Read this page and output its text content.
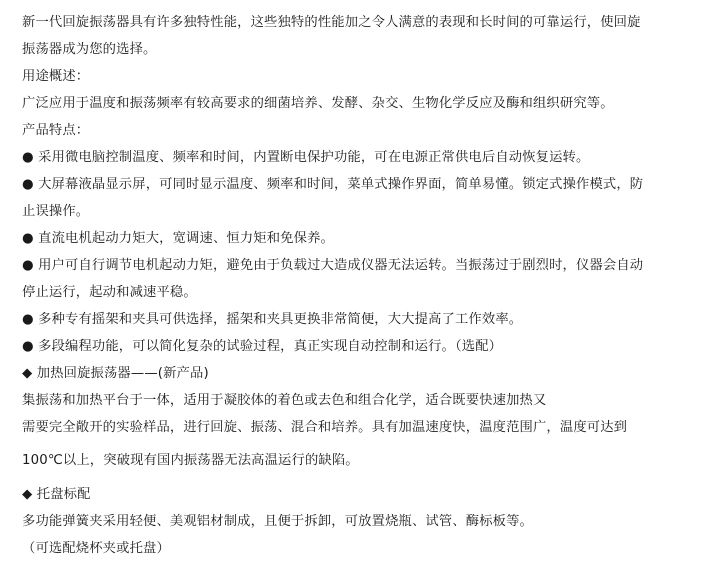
新一代回旋振荡器具有许多独特性能，这些独特的性能加之令人满意的表现和长时间的可靠运行，使回旋
振荡器成为您的选择。
用途概述：
广泛应用于温度和振荡频率有较高要求的细菌培养、发酵、杂交、生物化学反应及酶和组织研究等。
产品特点：
● 采用微电脑控制温度、频率和时间，内置断电保护功能，可在电源正常供电后自动恢复运转。
● 大屏幕液晶显示屏，可同时显示温度、频率和时间，菜单式操作界面，简单易懂。锁定式操作模式，防
止误操作。
● 直流电机起动力矩大，宽调速、恒力矩和免保养。
● 用户可自行调节电机起动力矩，避免由于负载过大造成仪器无法运转。当振荡过于剧烈时，仪器会自动
停止运行，起动和减速平稳。
● 多种专有摇架和夹具可供选择，摇架和夹具更换非常简便，大大提高了工作效率。
● 多段编程功能，可以简化复杂的试验过程，真正实现自动控制和运行。（选配）
◆ 加热回旋振荡器——(新产品)
集振荡和加热平台于一体，适用于凝胶体的着色或去色和组合化学，适合既要快速加热又
需要完全敞开的实验样品，进行回旋、振荡、混合和培养。具有加温速度快，温度范围广，温度可达到
100℃以上，突破现有国内振荡器无法高温运行的缺陷。
◆ 托盘标配
多功能弹簧夹采用轻便、美观铝材制成，且便于拆卸，可放置烧瓶、试管、酶标板等。
（可选配烧杯夹或托盘）
